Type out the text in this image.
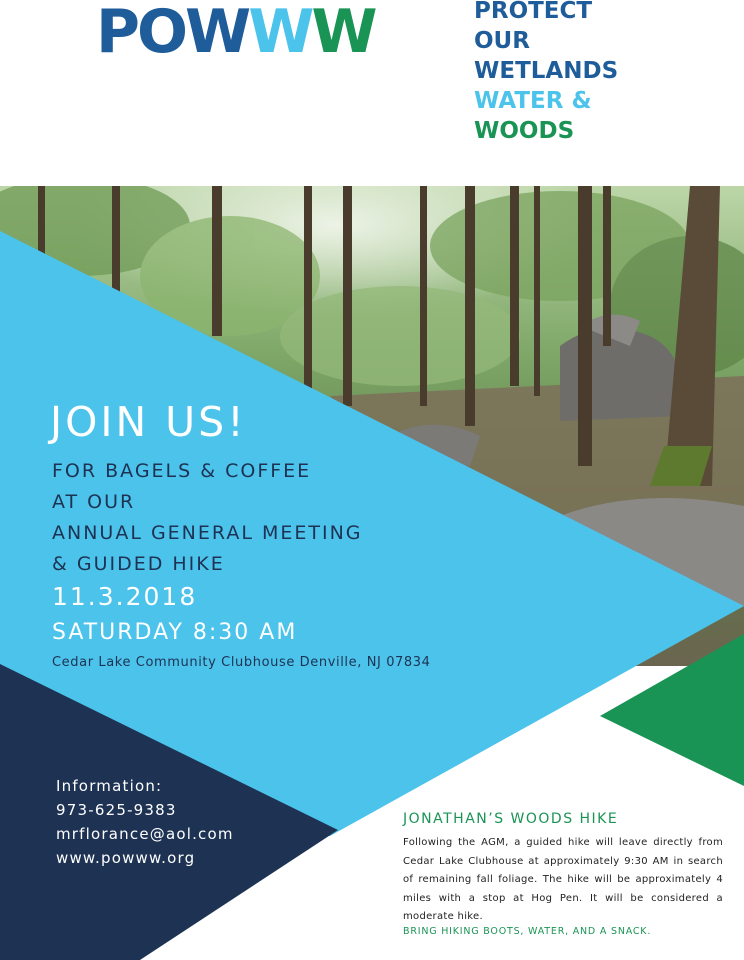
POWWW	PROTECT
OUR
WETLANDS
WATER &
WOODS
JOIN US!
FOR BAGELS & COFFEE
AT OUR
ANNUAL GENERAL MEETING
& GUIDED HIKE
11.3.2018
SATURDAY 8:30 AM
Cedar Lake Community Clubhouse Denville, NJ 07834
Information:
973-625-9383
mrflorance@aol.com
www.powww.org
JONATHAN’S WOODS HIKE
Following the AGM, a guided hike will leave directly from Cedar Lake Clubhouse at approximately 9:30 AM in search of remaining fall foliage. The hike will be approximately 4 miles with a stop at Hog Pen. It will be considered a moderate hike.
BRING HIKING BOOTS, WATER, AND A SNACK.
